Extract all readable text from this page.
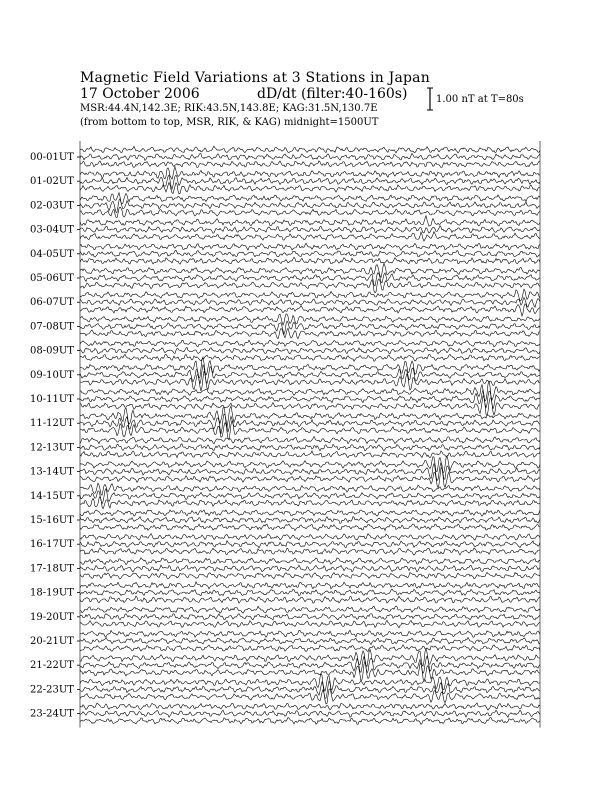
Magnetic Field Variations at 3 Stations in Japan
17 October 2006	dD/dt (filter:40-160s)
MSR:44.4N,142.3E; RIK:43.5N,143.8E; KAG:31.5N,130.7E
(from bottom to top, MSR, RIK, & KAG) midnight=1500UT
1.00 nT at T=80s
00-01UT
01-02UT
02-03UT
03-04UT
04-05UT
05-06UT
06-07UT
07-08UT
08-09UT
09-10UT
10-11UT
11-12UT
12-13UT
13-14UT
14-15UT
15-16UT
16-17UT
17-18UT
18-19UT
19-20UT
20-21UT
21-22UT
22-23UT
23-24UT
